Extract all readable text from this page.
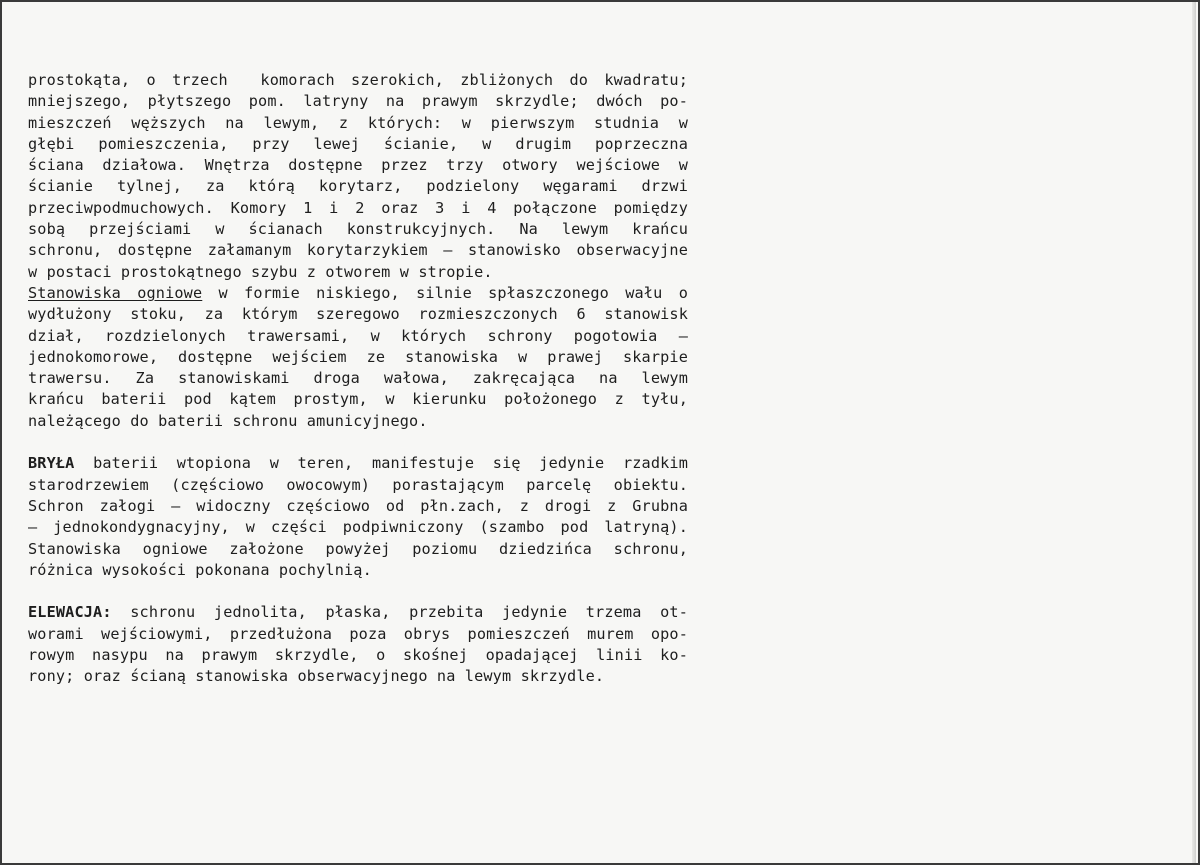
prostokąta, o trzech  komorach szerokich, zbliżonych do kwadratu;
mniejszego, płytszego pom. latryny na prawym skrzydle; dwóch po-
mieszczeń węższych na lewym, z których: w pierwszym studnia w
głębi pomieszczenia, przy lewej ścianie, w drugim poprzeczna
ściana działowa. Wnętrza dostępne przez trzy otwory wejściowe w
ścianie tylnej, za którą korytarz, podzielony węgarami drzwi
przeciwpodmuchowych. Komory 1 i 2 oraz 3 i 4 połączone pomiędzy
sobą przejściami w ścianach konstrukcyjnych. Na lewym krańcu
schronu, dostępne załamanym korytarzykiem – stanowisko obserwacyjne
w postaci prostokątnego szybu z otworem w stropie.
Stanowiska ogniowe w formie niskiego, silnie spłaszczonego wału o
wydłużony stoku, za którym szeregowo rozmieszczonych 6 stanowisk
dział, rozdzielonych trawersami, w których schrony pogotowia –
jednokomorowe, dostępne wejściem ze stanowiska w prawej skarpie
trawersu. Za stanowiskami droga wałowa, zakręcająca na lewym
krańcu baterii pod kątem prostym, w kierunku położonego z tyłu,
należącego do baterii schronu amunicyjnego.
BRYŁA baterii wtopiona w teren, manifestuje się jedynie rzadkim
starodrzewiem (częściowo owocowym) porastającym parcelę obiektu.
Schron załogi – widoczny częściowo od płn.zach, z drogi z Grubna
– jednokondygnacyjny, w części podpiwniczony (szambo pod latryną).
Stanowiska ogniowe założone powyżej poziomu dziedzińca schronu,
różnica wysokości pokonana pochylnią.
ELEWACJA: schronu jednolita, płaska, przebita jedynie trzema ot-
worami wejściowymi, przedłużona poza obrys pomieszczeń murem opo-
rowym nasypu na prawym skrzydle, o skośnej opadającej linii ko-
rony; oraz ścianą stanowiska obserwacyjnego na lewym skrzydle.
